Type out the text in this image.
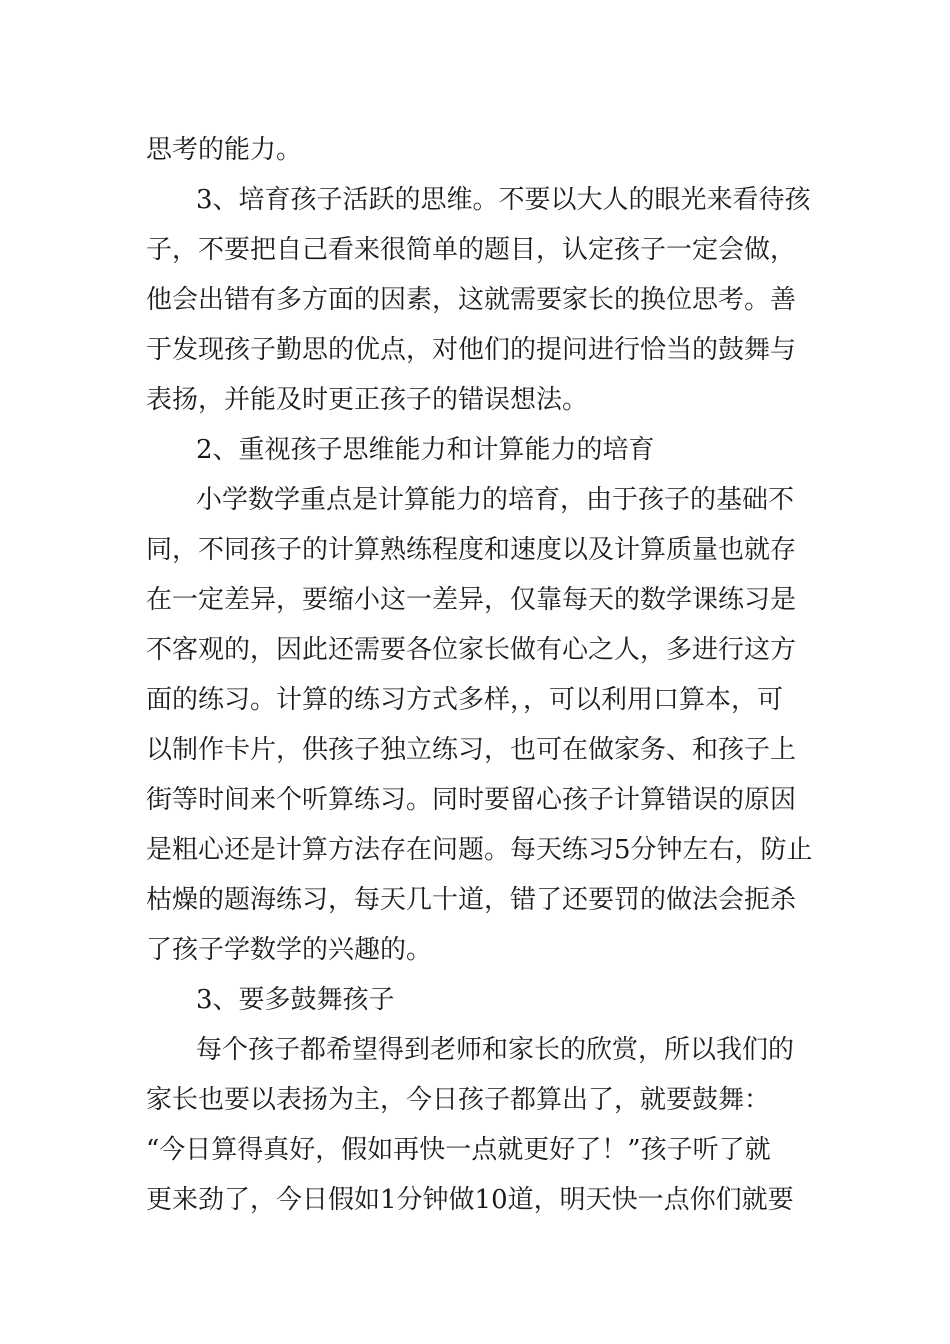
思考的能力。
3、培育孩子活跃的思维。不要以大人的眼光来看待孩
子，不要把自己看来很简单的题目，认定孩子一定会做，
他会出错有多方面的因素，这就需要家长的换位思考。善
于发现孩子勤思的优点，对他们的提问进行恰当的鼓舞与
表扬，并能及时更正孩子的错误想法。
2、重视孩子思维能力和计算能力的培育
小学数学重点是计算能力的培育，由于孩子的基础不
同，不同孩子的计算熟练程度和速度以及计算质量也就存
在一定差异，要缩小这一差异，仅靠每天的数学课练习是
不客观的，因此还需要各位家长做有心之人，多进行这方
面的练习。计算的练习方式多样，，可以利用口算本，可
以制作卡片，供孩子独立练习，也可在做家务、和孩子上
街等时间来个听算练习。同时要留心孩子计算错误的原因
是粗心还是计算方法存在问题。每天练习5分钟左右，防止
枯燥的题海练习，每天几十道，错了还要罚的做法会扼杀
了孩子学数学的兴趣的。
3、要多鼓舞孩子
每个孩子都希望得到老师和家长的欣赏，所以我们的
家长也要以表扬为主，今日孩子都算出了，就要鼓舞：
“今日算得真好，假如再快一点就更好了！”孩子听了就
更来劲了，今日假如1分钟做10道，明天快一点你们就要
